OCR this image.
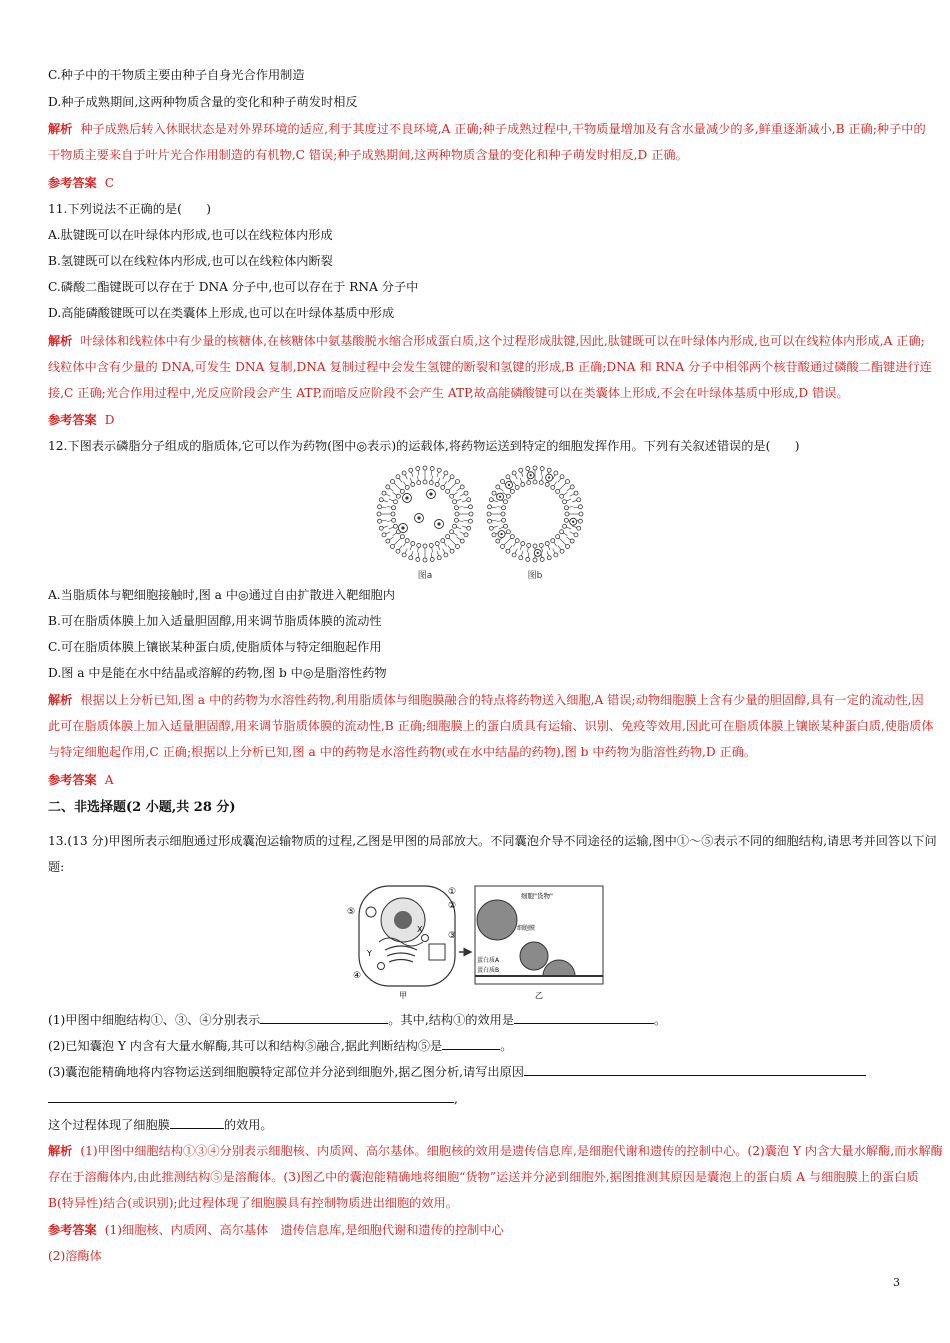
C.种子中的干物质主要由种子自身光合作用制造
D.种子成熟期间,这两种物质含量的变化和种子萌发时相反
解析 种子成熟后转入休眠状态是对外界环境的适应,利于其度过不良环境,A 正确;种子成熟过程中,干物质量增加及有含水量减少的多,鲜重逐渐减小,B 正确;种子中的
干物质主要来自于叶片光合作用制造的有机物,C 错误;种子成熟期间,这两种物质含量的变化和种子萌发时相反,D 正确。
参考答案 C
11.下列说法不正确的是(　　)
A.肽键既可以在叶绿体内形成,也可以在线粒体内形成
B.氢键既可以在线粒体内形成,也可以在线粒体内断裂
C.磷酸二酯键既可以存在于 DNA 分子中,也可以存在于 RNA 分子中
D.高能磷酸键既可以在类囊体上形成,也可以在叶绿体基质中形成
解析 叶绿体和线粒体中有少量的核糖体,在核糖体中氨基酸脱水缩合形成蛋白质,这个过程形成肽键,因此,肽键既可以在叶绿体内形成,也可以在线粒体内形成,A 正确;
线粒体中含有少量的 DNA,可发生 DNA 复制,DNA 复制过程中会发生氢键的断裂和氢键的形成,B 正确;DNA 和 RNA 分子中相邻两个核苷酸通过磷酸二酯键进行连
接,C 正确;光合作用过程中,光反应阶段会产生 ATP,而暗反应阶段不会产生 ATP,故高能磷酸键可以在类囊体上形成,不会在叶绿体基质中形成,D 错误。
参考答案 D
12.下图表示磷脂分子组成的脂质体,它可以作为药物(图中◎表示)的运载体,将药物运送到特定的细胞发挥作用。下列有关叙述错误的是(　　)
图a	图b
A.当脂质体与靶细胞接触时,图 a 中◎通过自由扩散进入靶细胞内
B.可在脂质体膜上加入适量胆固醇,用来调节脂质体膜的流动性
C.可在脂质体膜上镶嵌某种蛋白质,使脂质体与特定细胞起作用
D.图 a 中是能在水中结晶或溶解的药物,图 b 中◎是脂溶性药物
解析 根据以上分析已知,图 a 中的药物为水溶性药物,利用脂质体与细胞膜融合的特点将药物送入细胞,A 错误;动物细胞膜上含有少量的胆固醇,具有一定的流动性,因
此可在脂质体膜上加入适量胆固醇,用来调节脂质体膜的流动性,B 正确;细胞膜上的蛋白质具有运输、识别、免疫等效用,因此可在脂质体膜上镶嵌某种蛋白质,使脂质体
与特定细胞起作用,C 正确;根据以上分析已知,图 a 中的药物是水溶性药物(或在水中结晶的药物),图 b 中药物为脂溶性药物,D 正确。
参考答案 A
二、非选择题(2 小题,共 28 分)
13.(13 分)甲图所表示细胞通过形成囊泡运输物质的过程,乙图是甲图的局部放大。不同囊泡介导不同途径的运输,图中①～⑤表示不同的细胞结构,请思考并回答以下问
题:
⑤
①
②
③
④
Y
X
甲
细胞"货物"
细胞膜
蛋白质A
蛋白质B
乙
(1)甲图中细胞结构①、③、④分别表示	。其中,结构①的效用是	。
(2)已知囊泡 Y 内含有大量水解酶,其可以和结构⑤融合,据此判断结构⑤是	。
(3)囊泡能精确地将内容物运送到细胞膜特定部位并分泌到细胞外,据乙图分析,请写出原因
,
这个过程体现了细胞膜	的效用。
解析 (1)甲图中细胞结构①③④分别表示细胞核、内质网、高尔基体。细胞核的效用是遗传信息库,是细胞代谢和遗传的控制中心。(2)囊泡 Y 内含大量水解酶,而水解酶
存在于溶酶体内,由此推测结构⑤是溶酶体。(3)图乙中的囊泡能精确地将细胞“货物”运送并分泌到细胞外,据图推测其原因是囊泡上的蛋白质 A 与细胞膜上的蛋白质
B(特异性)结合(或识别);此过程体现了细胞膜具有控制物质进出细胞的效用。
参考答案 (1)细胞核、内质网、高尔基体　遗传信息库,是细胞代谢和遗传的控制中心
(2)溶酶体
3
